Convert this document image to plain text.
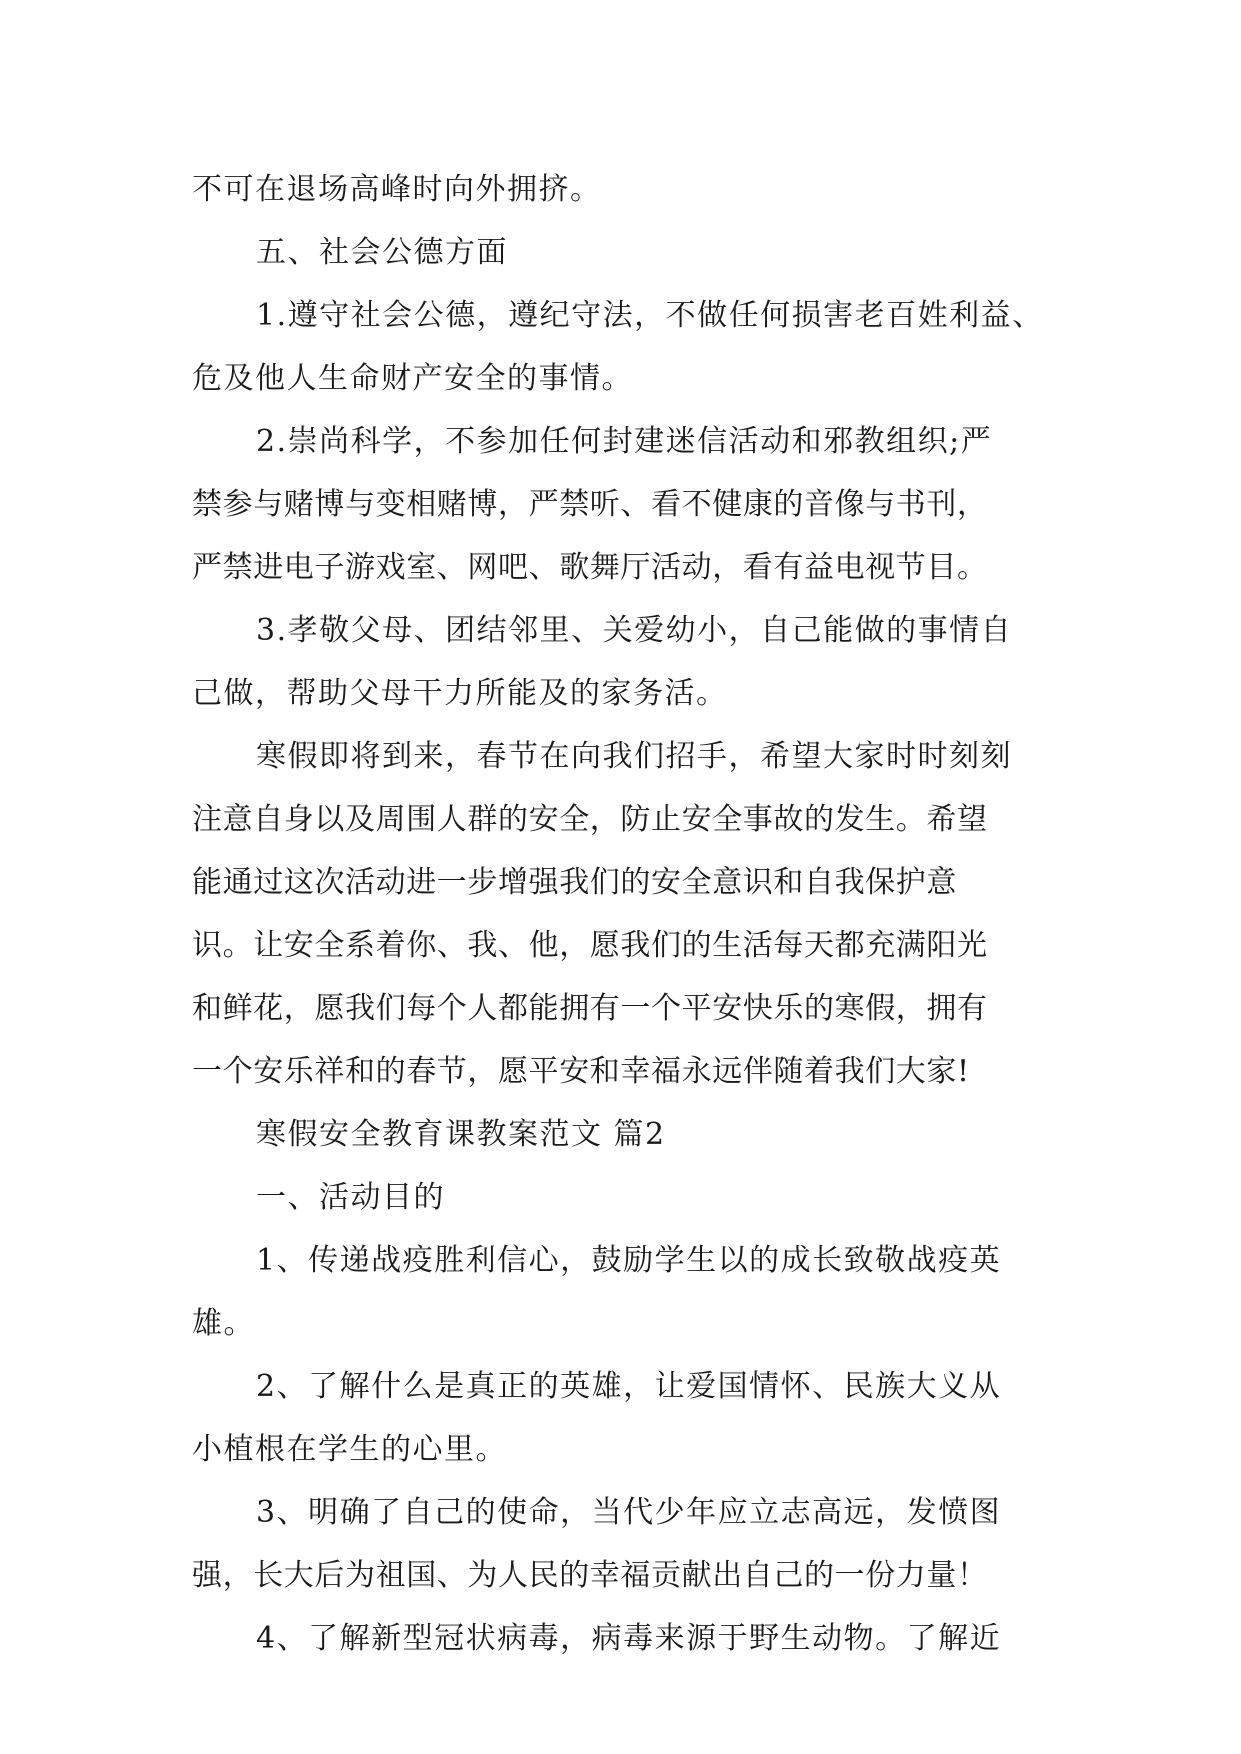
不可在退场高峰时向外拥挤。
五、社会公德方面
1.遵守社会公德，遵纪守法，不做任何损害老百姓利益、
危及他人生命财产安全的事情。
2.崇尚科学，不参加任何封建迷信活动和邪教组织;严
禁参与赌博与变相赌博，严禁听、看不健康的音像与书刊，
严禁进电子游戏室、网吧、歌舞厅活动，看有益电视节目。
3.孝敬父母、团结邻里、关爱幼小，自己能做的事情自
己做，帮助父母干力所能及的家务活。
寒假即将到来，春节在向我们招手，希望大家时时刻刻
注意自身以及周围人群的安全，防止安全事故的发生。希望
能通过这次活动进一步增强我们的安全意识和自我保护意
识。让安全系着你、我、他，愿我们的生活每天都充满阳光
和鲜花，愿我们每个人都能拥有一个平安快乐的寒假，拥有
一个安乐祥和的春节，愿平安和幸福永远伴随着我们大家!
寒假安全教育课教案范文 篇2
一、活动目的
1、传递战疫胜利信心，鼓励学生以的成长致敬战疫英
雄。
2、了解什么是真正的英雄，让爱国情怀、民族大义从
小植根在学生的心里。
3、明确了自己的使命，当代少年应立志高远，发愤图
强，长大后为祖国、为人民的幸福贡献出自己的一份力量！
4、了解新型冠状病毒，病毒来源于野生动物。了解近
